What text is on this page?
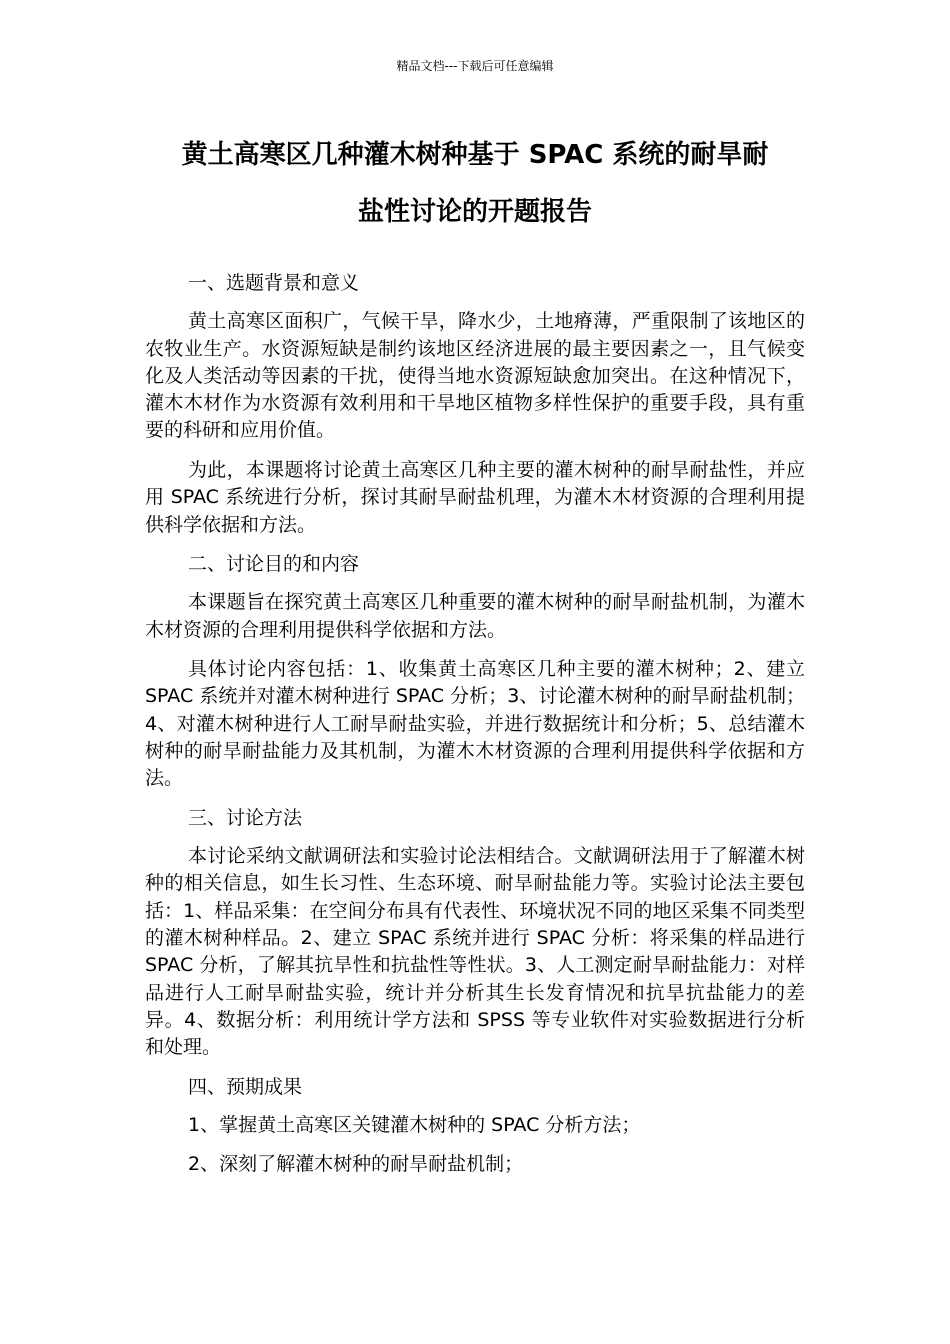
精品文档---下载后可任意编辑
黄土高寒区几种灌木树种基于 SPAC 系统的耐旱耐
盐性讨论的开题报告

一、选题背景和意义

黄土高寒区面积广，气候干旱，降水少，土地瘠薄，严重限制了该地区的农牧业生产。水资源短缺是制约该地区经济进展的最主要因素之一，且气候变化及人类活动等因素的干扰，使得当地水资源短缺愈加突出。在这种情况下，灌木木材作为水资源有效利用和干旱地区植物多样性保护的重要手段，具有重要的科研和应用价值。

为此，本课题将讨论黄土高寒区几种主要的灌木树种的耐旱耐盐性，并应用 SPAC 系统进行分析，探讨其耐旱耐盐机理，为灌木木材资源的合理利用提供科学依据和方法。

二、讨论目的和内容

本课题旨在探究黄土高寒区几种重要的灌木树种的耐旱耐盐机制，为灌木木材资源的合理利用提供科学依据和方法。

具体讨论内容包括：1、收集黄土高寒区几种主要的灌木树种；2、建立 SPAC 系统并对灌木树种进行 SPAC 分析；3、讨论灌木树种的耐旱耐盐机制；4、对灌木树种进行人工耐旱耐盐实验，并进行数据统计和分析；5、总结灌木树种的耐旱耐盐能力及其机制，为灌木木材资源的合理利用提供科学依据和方法。

三、讨论方法

本讨论采纳文献调研法和实验讨论法相结合。文献调研法用于了解灌木树种的相关信息，如生长习性、生态环境、耐旱耐盐能力等。实验讨论法主要包括：1、样品采集：在空间分布具有代表性、环境状况不同的地区采集不同类型的灌木树种样品。2、建立 SPAC 系统并进行 SPAC 分析：将采集的样品进行 SPAC 分析，了解其抗旱性和抗盐性等性状。3、人工测定耐旱耐盐能力：对样品进行人工耐旱耐盐实验，统计并分析其生长发育情况和抗旱抗盐能力的差异。4、数据分析：利用统计学方法和 SPSS 等专业软件对实验数据进行分析和处理。

四、预期成果

1、掌握黄土高寒区关键灌木树种的 SPAC 分析方法；

2、深刻了解灌木树种的耐旱耐盐机制；
